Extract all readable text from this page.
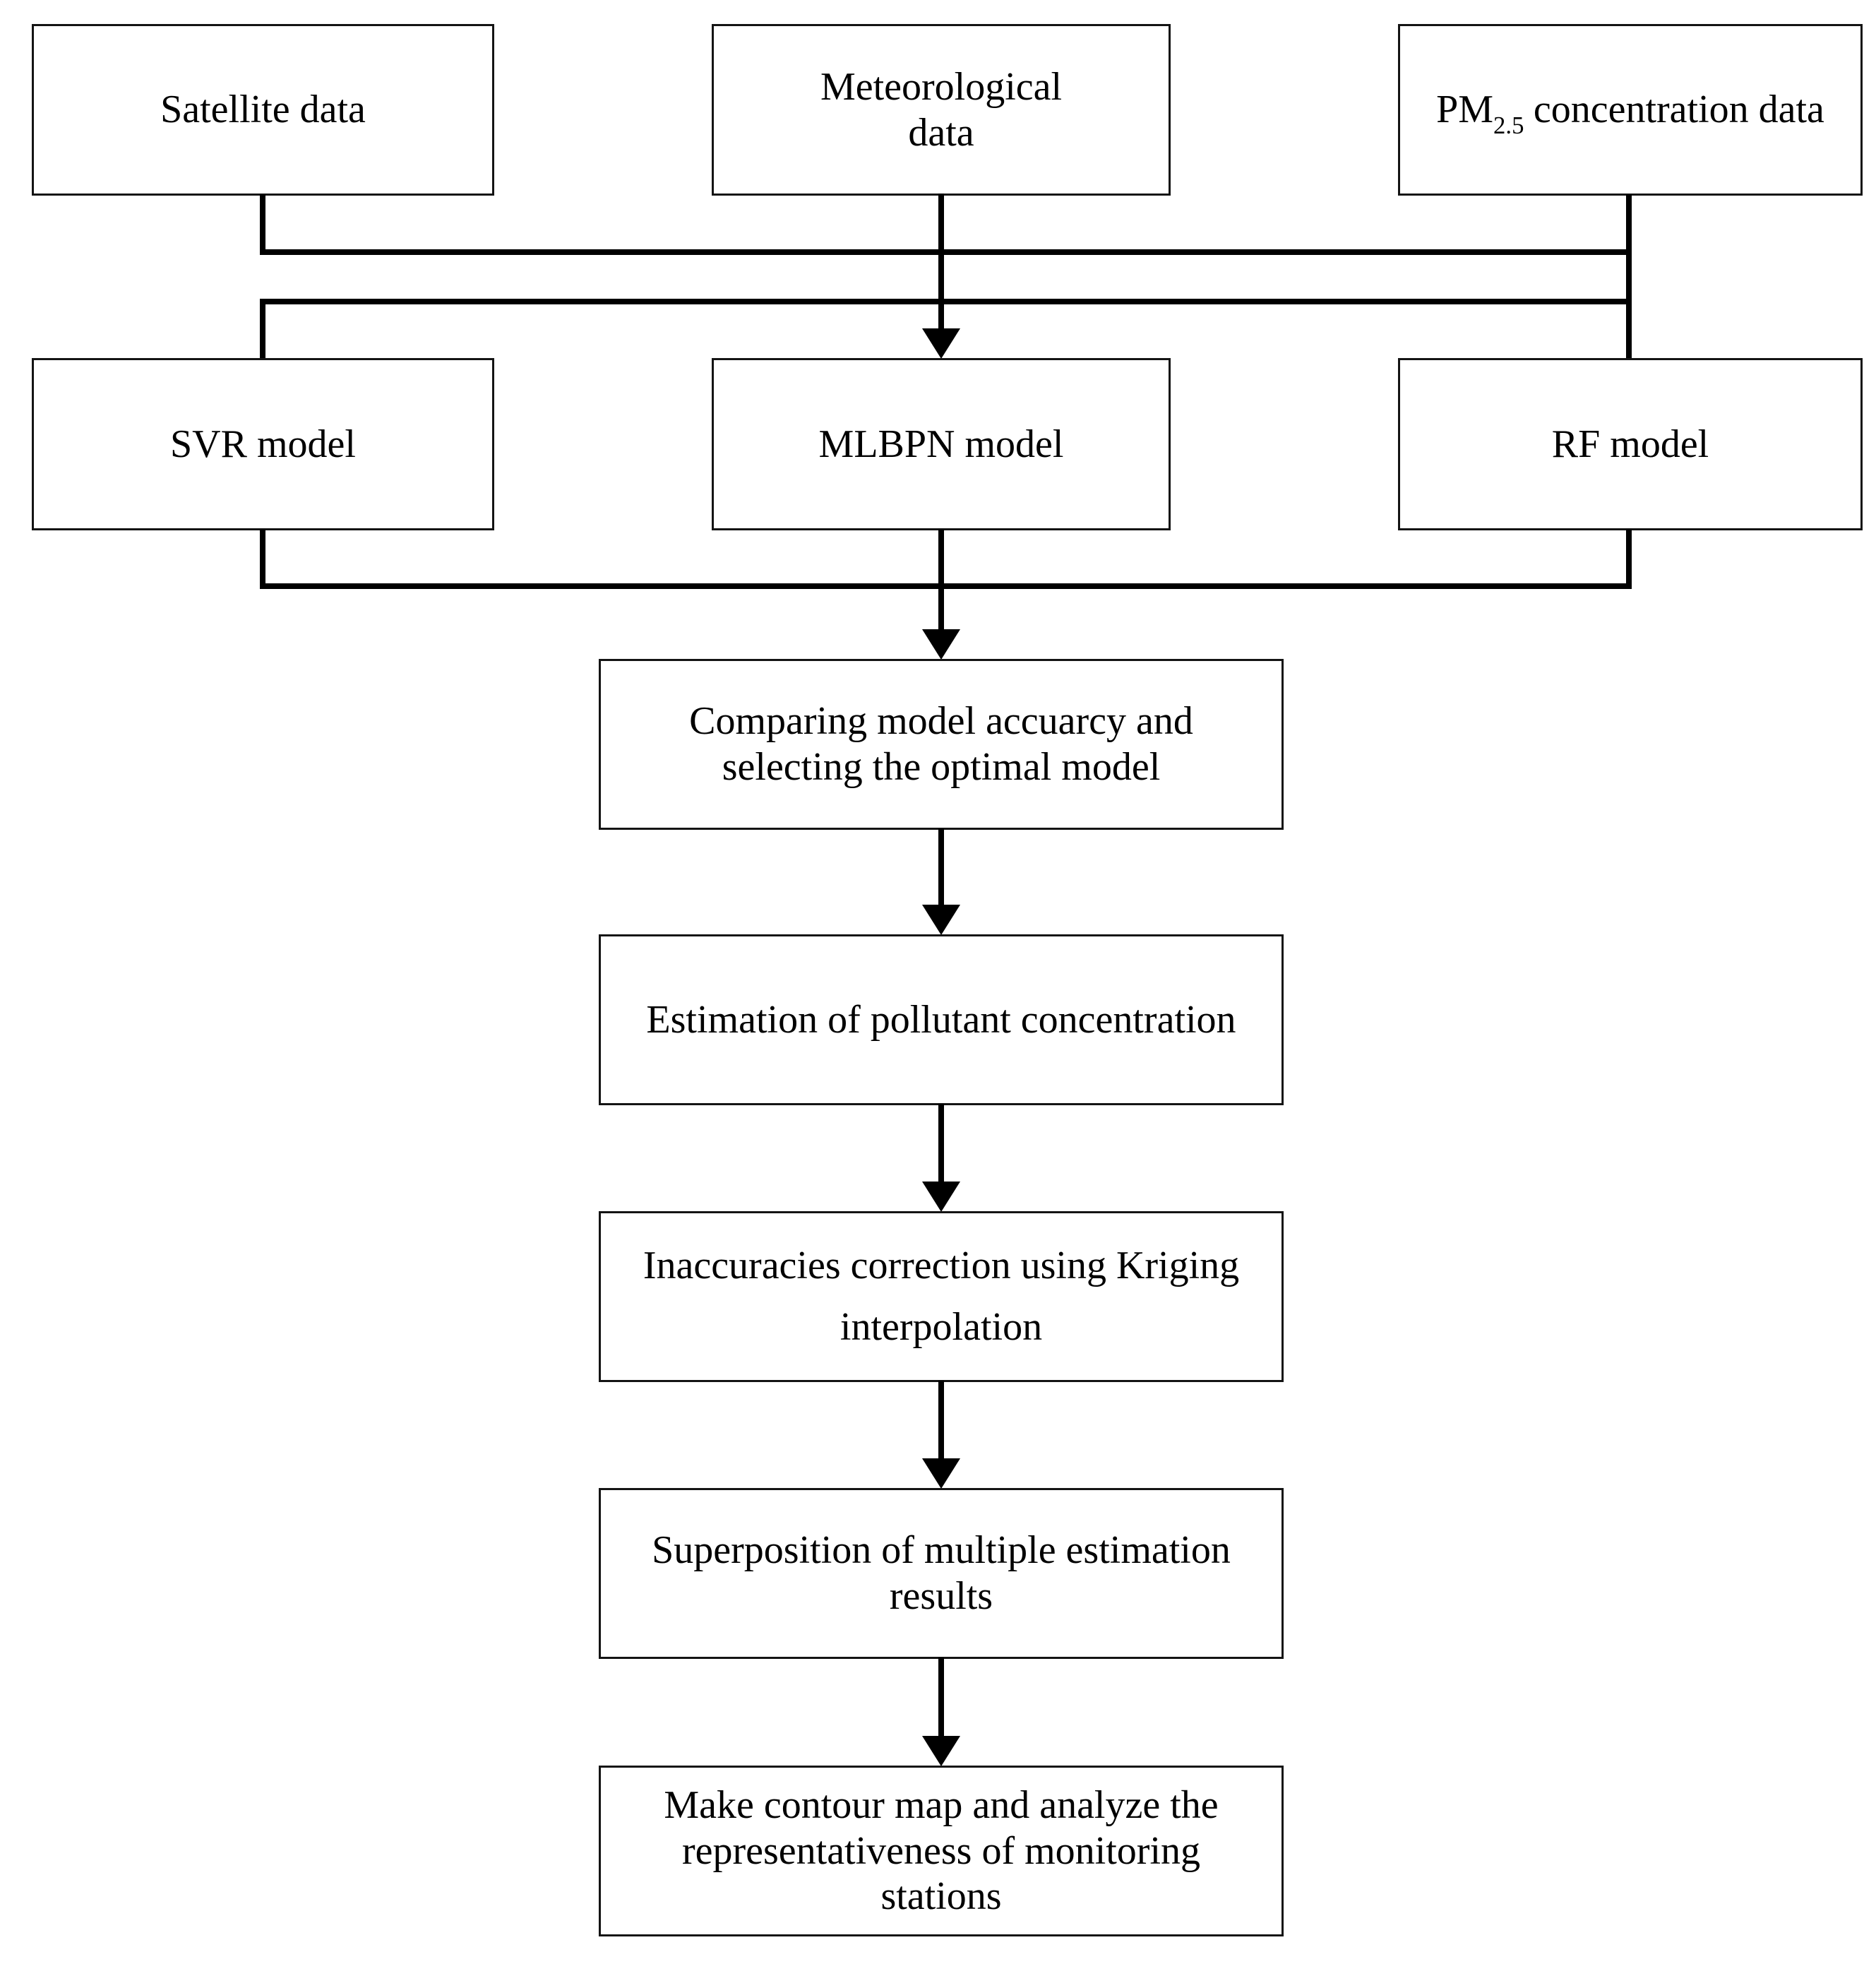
Satellite data
Meteorological
data
$PM_{2.5}$ concentration data
SVR model	MLBPN model	RF model
Comparing model accuarcy and
selecting the optimal model
Estimation of pollutant concentration
Inaccuracies correction using Kriging
interpolation
Superposition of multiple estimation
results
Make contour map and analyze the
representativeness of monitoring
stations
